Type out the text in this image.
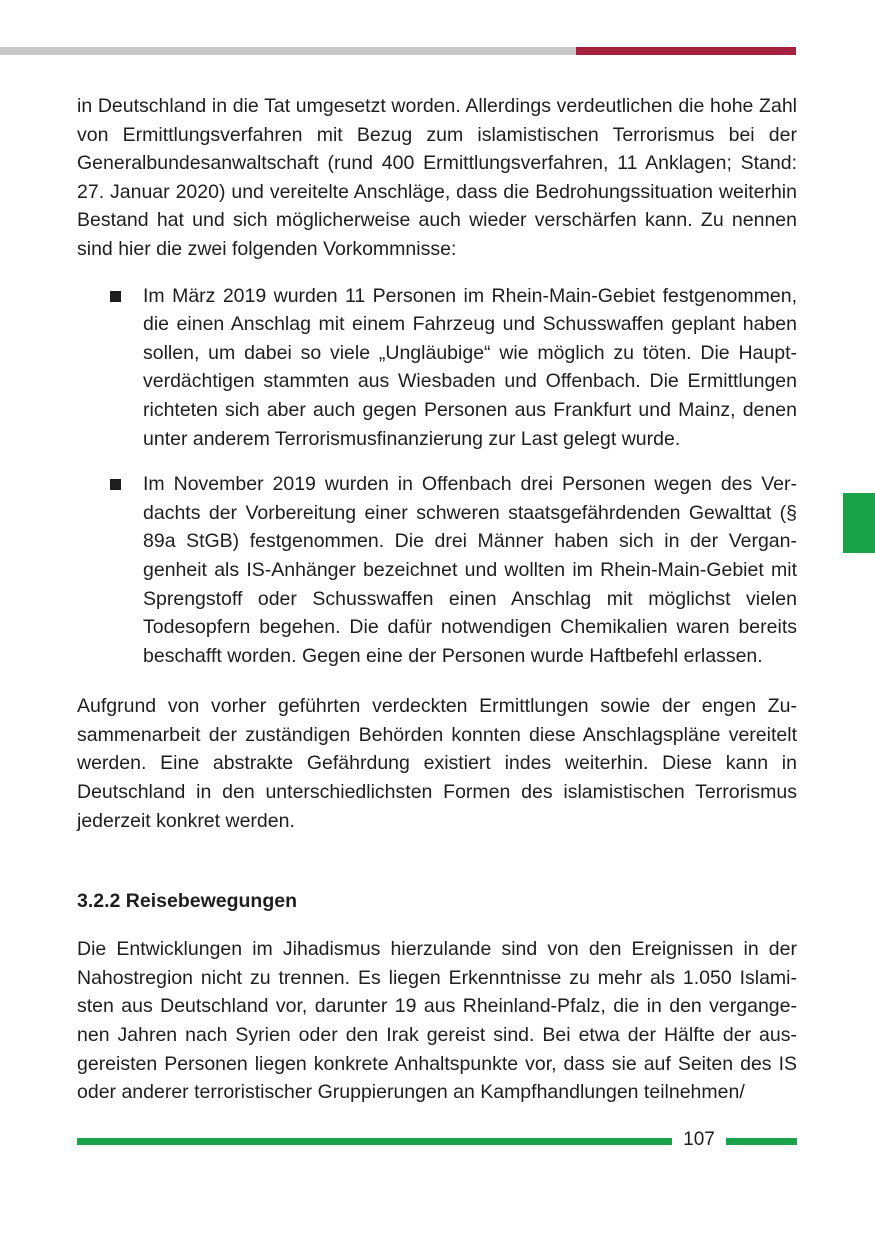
in Deutschland in die Tat umgesetzt worden. Allerdings verdeutlichen die hohe Zahl von Ermittlungsverfahren mit Bezug zum islamistischen Terrorismus bei der Generalbundesanwaltschaft (rund 400 Ermittlungsverfahren, 11 Anklagen; Stand: 27. Januar 2020) und vereitelte Anschläge, dass die Bedrohungssituation weiterhin Bestand hat und sich möglicherweise auch wieder verschärfen kann. Zu nennen sind hier die zwei folgenden Vorkommnisse:

Im März 2019 wurden 11 Personen im Rhein-Main-Gebiet festgenommen, die einen Anschlag mit einem Fahrzeug und Schusswaffen geplant haben sollen, um dabei so viele „Ungläubige“ wie möglich zu töten. Die Hauptverdächtigen stammten aus Wiesbaden und Offenbach. Die Ermittlungen richteten sich aber auch gegen Personen aus Frankfurt und Mainz, denen unter anderem Terrorismusfinanzierung zur Last gelegt wurde.

Im November 2019 wurden in Offenbach drei Personen wegen des Verdachts der Vorbereitung einer schweren staatsgefährdenden Gewalttat (§ 89a StGB) festgenommen. Die drei Männer haben sich in der Vergangenheit als IS-Anhänger bezeichnet und wollten im Rhein-Main-Gebiet mit Sprengstoff oder Schusswaffen einen Anschlag mit möglichst vielen Todesopfern begehen. Die dafür notwendigen Chemikalien waren bereits beschafft worden. Gegen eine der Personen wurde Haftbefehl erlassen.

Aufgrund von vorher geführten verdeckten Ermittlungen sowie der engen Zusammenarbeit der zuständigen Behörden konnten diese Anschlagspläne vereitelt werden. Eine abstrakte Gefährdung existiert indes weiterhin. Diese kann in Deutschland in den unterschiedlichsten Formen des islamistischen Terrorismus jederzeit konkret werden.

3.2.2 Reisebewegungen

Die Entwicklungen im Jihadismus hierzulande sind von den Ereignissen in der Nahostregion nicht zu trennen. Es liegen Erkenntnisse zu mehr als 1.050 Islamisten aus Deutschland vor, darunter 19 aus Rheinland-Pfalz, die in den vergangenen Jahren nach Syrien oder den Irak gereist sind. Bei etwa der Hälfte der ausgereisten Personen liegen konkrete Anhaltspunkte vor, dass sie auf Seiten des IS oder anderer terroristischer Gruppierungen an Kampfhandlungen teilnehmen/

107
